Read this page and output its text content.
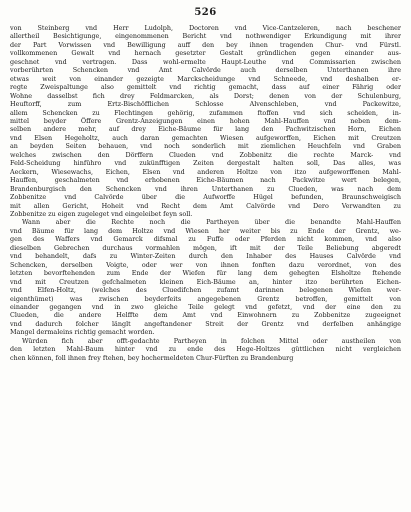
526

von Steinberg vnd Herr Ludolph, Doctoren vnd Vice-Cantzeleren, nach beschener
allertheil Besichtigunge, eingenommenen Bericht vnd nothwendiger Erkundigung mit ihrer
der Part Vorwissen vnd Bewilligung auff den bey ihnen tragenden Chur- vnd Fürstl.
vollkommenen Gewalt vnd hernach gesetzter Gestalt gründlichen gegen einander aus-
geschnet vnd vertragen. Dass wohl-ermelte Haupt-Leuthe vnd Commissarien zwischen
vorberührten Schencken vnd Amt Calvörde auch derselben Unterthanen ihre
etwas weit von einander gezeigte Marckscheidunge vnd Schneede, vnd deshalben er-
regte Zweispaltunge also gemittelt vnd richtig gemacht, dass auf einer Fährig oder
Wohne dasselbst fich drey Feldmarcken, als Dorst; denen von der Schulenburg,
Heuftorff, zum Ertz-Bischöfflichen Schlosse Alvenschleben, vnd Packewitze,
allem Schencken zu Flechtingen gehörig, zufammen ftoffen vnd sich scheiden, in-
mittel beyder Öffere Grentz-Anzeigungen einen hohen Mahl-Hauffen vnd neben dem-
selben andere mehr, auf drey Eiche-Bäume für lang den Pachwitzischen Horn, Eichen
vnd Elsen Hegeholtz, auch daran gemachten Wiesen aufgeworffen, Eichen mit Creutzen
an beyden Seiten behauen, vnd noch sonderlich mit ziemlichen Heuchfeln vnd Graben
welches zwischen den Dörffern Clueden vnd Zobbenitz die rechte Marck- vnd
Feld-Scheidung hinführo vnd zukünfftigen Zeiten dergestalt halten soll, Das alles, was
Aeckern, Wiesewachs, Eichen, Elsen vnd anderen Holtze von itzo aufgeworffenen Mahl-
Hauffen, geschalmeten vnd erhobenen Eiche-Bäumen nach Packwitze wert belegen,
Brandenburgisch den Schencken vnd ihren Unterthanen zu Clueden, was nach dem
Zobbenitze vnd Calvörde über die Aufworffe Hügel befunden, Braunschweigisch
mit allen Gericht, Hoheit vnd Recht dem Amt Calvörde vnd Dero Verwandten zu
Zobbenitze zu eigen zugeleget vnd eingeleibet feyn soll.

Wann aber die Rechte noch die Partheyen über die benandte Mahl-Hauffen
vnd Bäume für lang dem Holtze vnd Wiesen her weiter bis zu Ende der Grentz, we-
gen des Waffers vnd Gemarck difsmal zu Fuffe oder Pferden nicht kommen, vnd also
dieselben Gebrechen durchaus vormahlen mögen, ift mit der Teile Beliebung abgeredt
vnd behandelt, dafs zu Winter-Zeiten durch den Inhaber des Hauses Calvörde vnd
Schencken, derselben Voigte, oder wer von ihnen fonften dazu verordnet, von des
letzten bevorftehenden zum Ende der Wiefen für lang dem gehegten Elsholtze ftehende
vnd mit Creutzen gefchalmeten kleinen Eich-Bäume an, hinter itzo berührten Eichen-
vnd Elfen-Holtz, (welches des Cluedifchen zufamt darinnen belegenen Wiefen wer-
eigenthümet) was zwischen beyderfeits angegebenen Grentz betroffen, gemittelt von
einander gegangen vnd in zwo gleiche Teile gelegt vnd gefetzt, vnd der eine den zu
Clueden, die andere Helffte dem Amt vnd Einwohnern zu Zobbenitze zugeeignet
vnd dadurch folcher länglt angeftandener Streit der Grentz vnd derfelben anhängige
Mangel dermaleins richtig gemacht worden.

Würden fich aber offt-gedachte Partheyen in folchen Mittel oder austheilen von
den letzten Mahl-Baum hinter vnd zu ende des Hege-Holtzes güttlichen nicht vergleichen
chen können, foll ihnen frey ftehen, bey hochermeldeten Chur-Fürften zu Brandenburg
